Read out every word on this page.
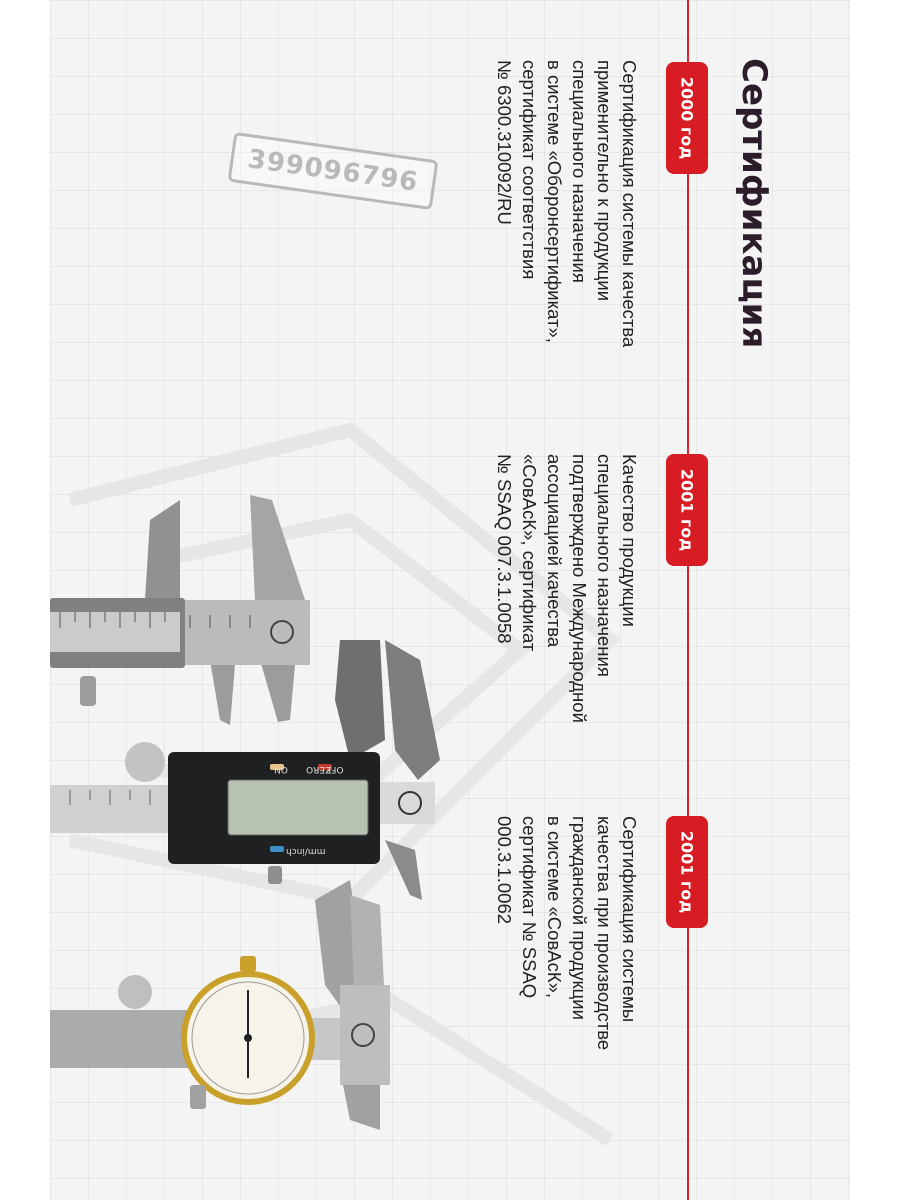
ZERO
ON	OFF
mm/inch
399096796	Сертификация
2000 год
Сертификация системы качества
применительно к продукции
специального назначения
в системе «Оборонсертификат»,
сертификат соответствия
№ 6300.310092/RU
2001 год
Качество продукции
специального назначения
подтверждено Международной
ассоциацией качества
«СовАсК», сертификат
№ SSAQ 007.3.1.0058
2001 год
Сертификация системы
качества при производстве
гражданской продукции
в системе «СовАсК»,
сертификат № SSAQ
000.3.1.0062
